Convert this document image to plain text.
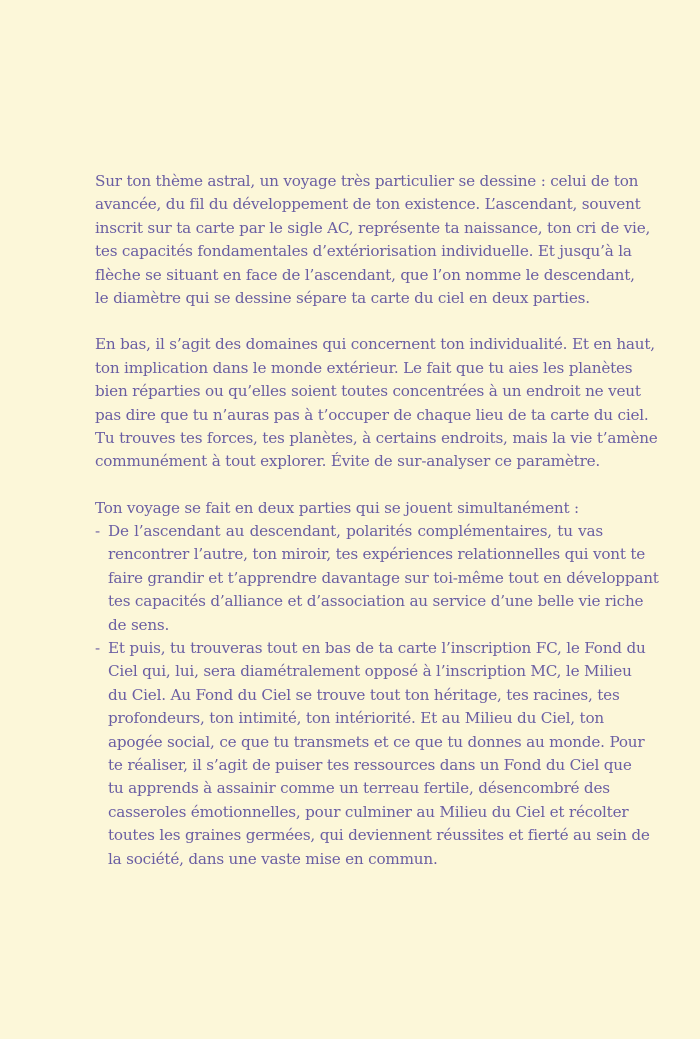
Sur ton thème astral, un voyage très particulier se dessine : celui de ton
avancée, du fil du développement de ton existence. L’ascendant, souvent
inscrit sur ta carte par le sigle AC, représente ta naissance, ton cri de vie,
tes capacités fondamentales d’extériorisation individuelle. Et jusqu’à la
flèche se situant en face de l’ascendant, que l’on nomme le descendant,
le diamètre qui se dessine sépare ta carte du ciel en deux parties.
En bas, il s’agit des domaines qui concernent ton individualité. Et en haut,
ton implication dans le monde extérieur. Le fait que tu aies les planètes
bien réparties ou qu’elles soient toutes concentrées à un endroit ne veut
pas dire que tu n’auras pas à t’occuper de chaque lieu de ta carte du ciel.
Tu trouves tes forces, tes planètes, à certains endroits, mais la vie t’amène
communément à tout explorer. Évite de sur-analyser ce paramètre.
Ton voyage se fait en deux parties qui se jouent simultanément :
- De l’ascendant au descendant, polarités complémentaires, tu vas
rencontrer l’autre, ton miroir, tes expériences relationnelles qui vont te
faire grandir et t’apprendre davantage sur toi-même tout en développant
tes capacités d’alliance et d’association au service d’une belle vie riche
de sens.
- Et puis, tu trouveras tout en bas de ta carte l’inscription FC, le Fond du
Ciel qui, lui, sera diamétralement opposé à l’inscription MC, le Milieu
du Ciel. Au Fond du Ciel se trouve tout ton héritage, tes racines, tes
profondeurs, ton intimité, ton intériorité. Et au Milieu du Ciel, ton
apogée social, ce que tu transmets et ce que tu donnes au monde. Pour
te réaliser, il s’agit de puiser tes ressources dans un Fond du Ciel que
tu apprends à assainir comme un terreau fertile, désencombré des
casseroles émotionnelles, pour culminer au Milieu du Ciel et récolter
toutes les graines germées, qui deviennent réussites et fierté au sein de
la société, dans une vaste mise en commun.
